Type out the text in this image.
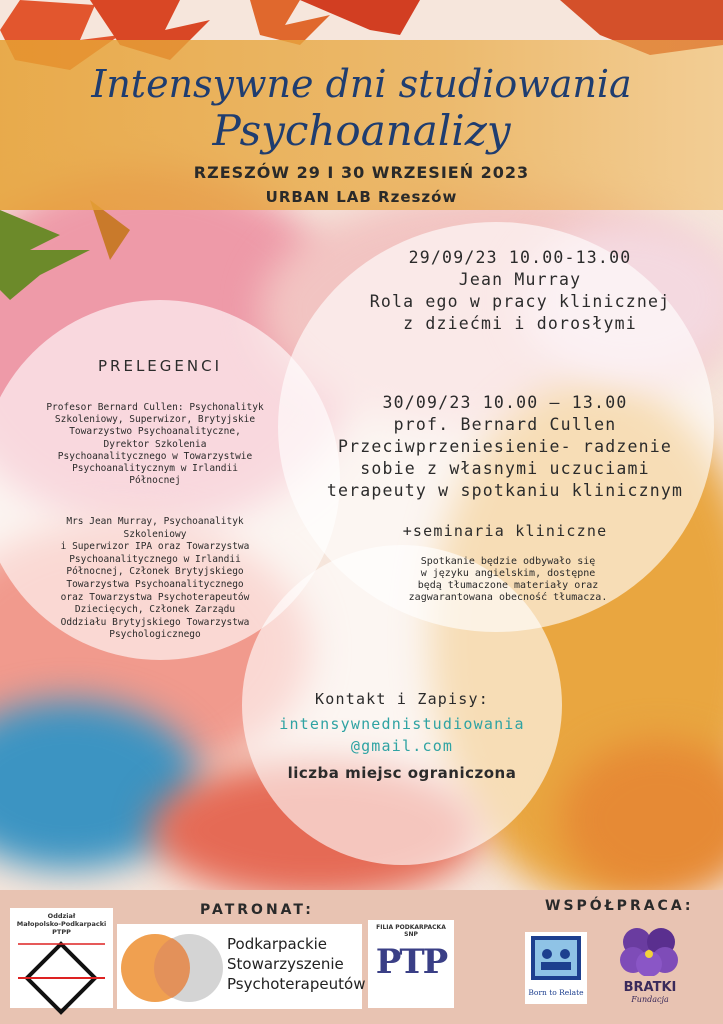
Intensywne dni studiowania
Psychoanalizy
RZESZÓW 29 I 30 WRZESIEŃ 2023
URBAN LAB Rzeszów
29/09/23 10.00-13.00
Jean Murray
Rola ego w pracy klinicznej
z dziećmi i dorosłymi
30/09/23 10.00 – 13.00
prof. Bernard Cullen
Przeciwprzeniesienie- radzenie
sobie z własnymi uczuciami
terapeuty w spotkaniu klinicznym
+seminaria kliniczne
Spotkanie będzie odbywało się
w języku angielskim, dostępne
będą tłumaczone materiały oraz
zagwarantowana obecność tłumacza.
PRELEGENCI
Profesor Bernard Cullen: Psychonalityk
Szkoleniowy, Superwizor, Brytyjskie
Towarzystwo Psychoanalityczne,
Dyrektor Szkolenia
Psychoanalitycznego w Towarzystwie
Psychoanalitycznym w Irlandii
Północnej
Mrs Jean Murray, Psychoanalityk
Szkoleniowy
i Superwizor IPA oraz Towarzystwa
Psychoanalitycznego w Irlandii
Północnej, Członek Brytyjskiego
Towarzystwa Psychoanalitycznego
oraz Towarzystwa Psychoterapeutów
Dziecięcych, Członek Zarządu
Oddziału Brytyjskiego Towarzystwa
Psychologicznego
Kontakt i Zapisy:
intensywnednistudiowania
@gmail.com
liczba miejsc ograniczona
PATRONAT:	WSPÓŁPRACA:
Oddział
Małopolsko-Podkarpacki PTPP
Podkarpackie
Stowarzyszenie
Psychoterapeutów
FILIA PODKARPACKA
SNP
PTP
Born to Relate	BRATKI
Fundacja
